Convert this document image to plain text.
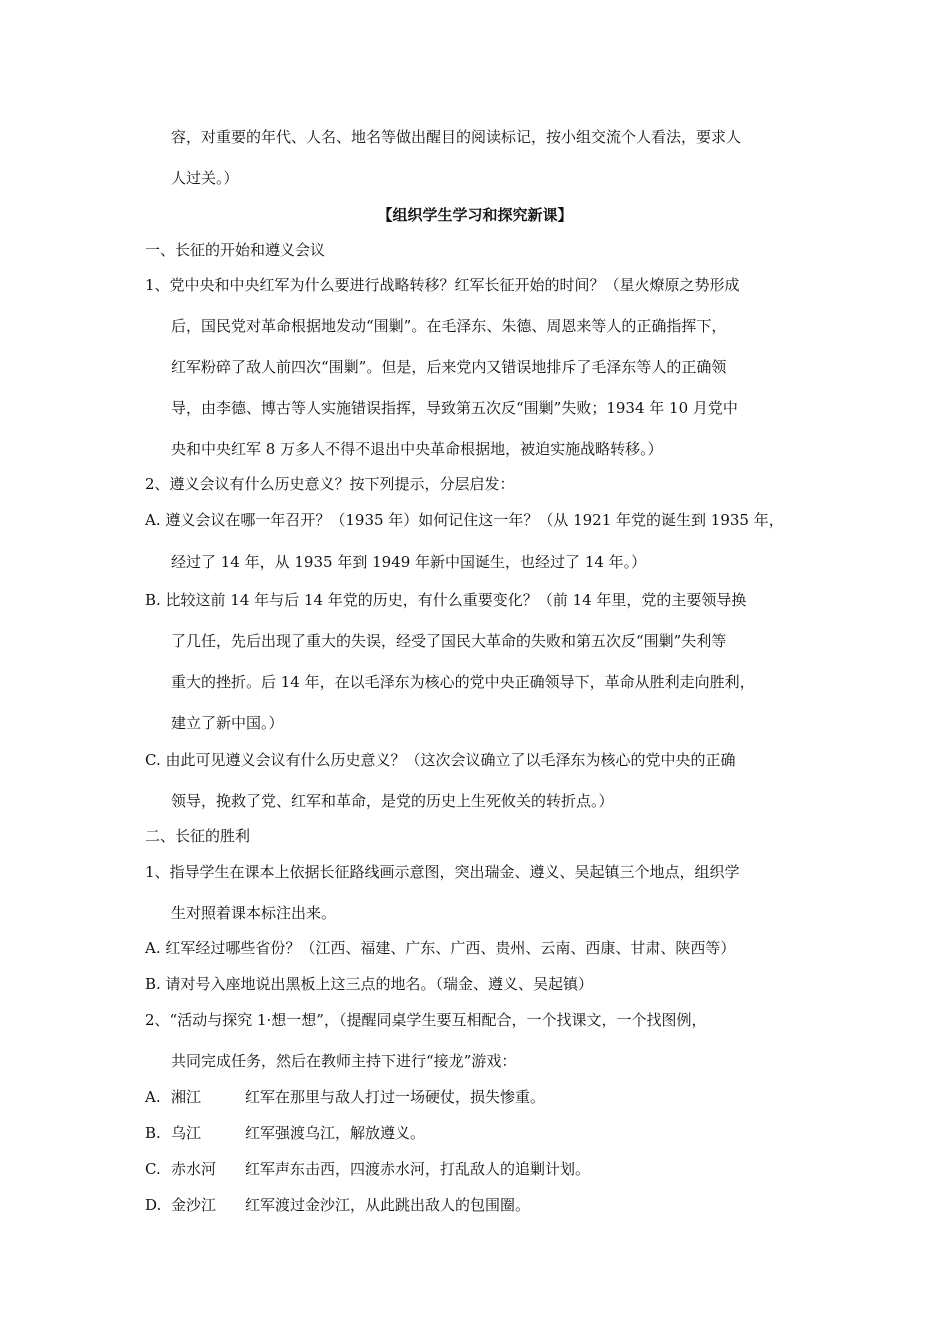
容，对重要的年代、人名、地名等做出醒目的阅读标记，按小组交流个人看法，要求人
人过关。）
【组织学生学习和探究新课】
一、长征的开始和遵义会议
1、党中央和中央红军为什么要进行战略转移？红军长征开始的时间？（星火燎原之势形成
后，国民党对革命根据地发动“围剿”。在毛泽东、朱德、周恩来等人的正确指挥下，
红军粉碎了敌人前四次“围剿”。但是，后来党内又错误地排斥了毛泽东等人的正确领
导，由李德、博古等人实施错误指挥，导致第五次反“围剿”失败；1934 年 10 月党中
央和中央红军 8 万多人不得不退出中央革命根据地，被迫实施战略转移。）
2、遵义会议有什么历史意义？按下列提示，分层启发：
A. 遵义会议在哪一年召开？（1935 年）如何记住这一年？（从 1921 年党的诞生到 1935 年，
经过了 14 年，从 1935 年到 1949 年新中国诞生，也经过了 14 年。）
B. 比较这前 14 年与后 14 年党的历史，有什么重要变化？（前 14 年里，党的主要领导换
了几任，先后出现了重大的失误，经受了国民大革命的失败和第五次反“围剿”失利等
重大的挫折。后 14 年，在以毛泽东为核心的党中央正确领导下，革命从胜利走向胜利，
建立了新中国。）
C. 由此可见遵义会议有什么历史意义？（这次会议确立了以毛泽东为核心的党中央的正确
领导，挽救了党、红军和革命，是党的历史上生死攸关的转折点。）
二、长征的胜利
1、指导学生在课本上依据长征路线画示意图，突出瑞金、遵义、吴起镇三个地点，组织学
生对照着课本标注出来。
A. 红军经过哪些省份？（江西、福建、广东、广西、贵州、云南、西康、甘肃、陕西等）
B. 请对号入座地说出黑板上这三点的地名。（瑞金、遵义、吴起镇）
2、“活动与探究 1·想一想”，（提醒同桌学生要互相配合，一个找课文，一个找图例，
共同完成任务，然后在教师主持下进行“接龙”游戏：
A. 湘江	红军在那里与敌人打过一场硬仗，损失惨重。
B. 乌江	红军强渡乌江，解放遵义。
C. 赤水河 红军声东击西，四渡赤水河，打乱敌人的追剿计划。
D. 金沙江 红军渡过金沙江，从此跳出敌人的包围圈。
